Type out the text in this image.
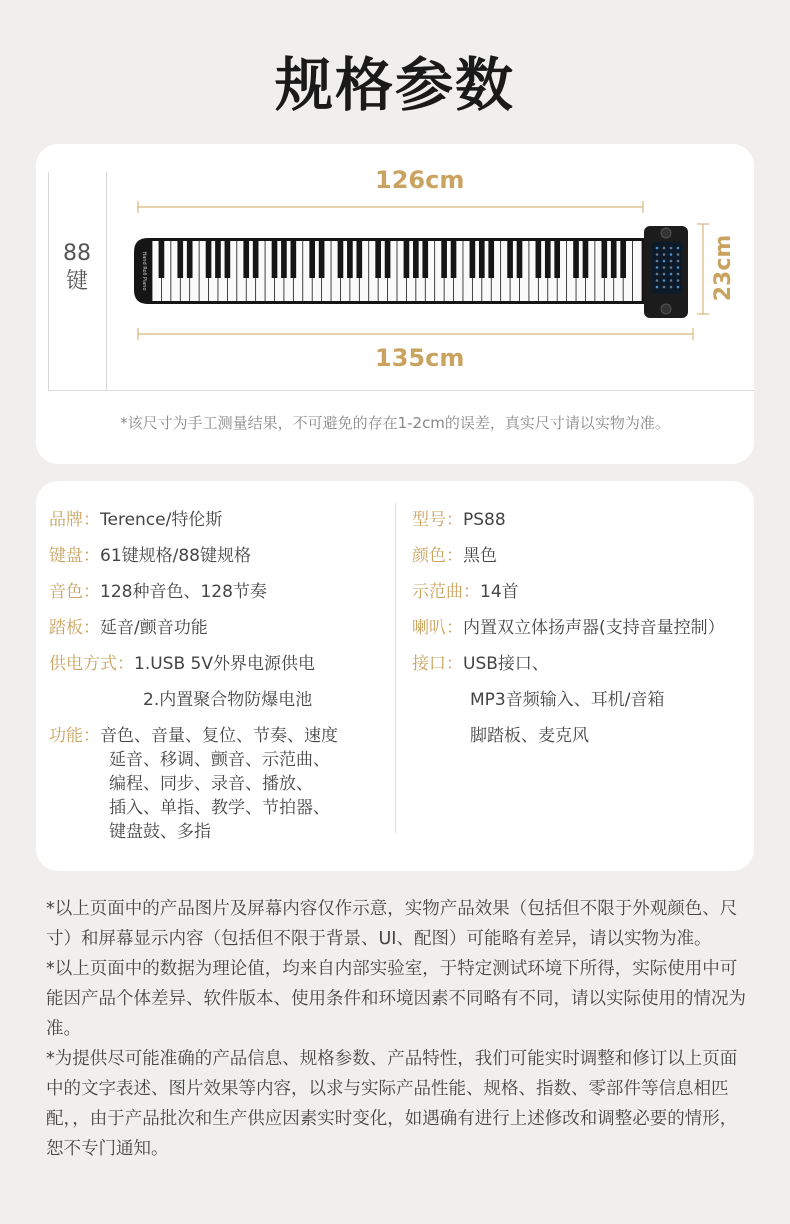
规格参数
88
键
126cm
135cm
23cm
Hand Roll Piano
*该尺寸为手工测量结果，不可避免的存在1-2cm的误差，真实尺寸请以实物为准。
品牌：Terence/特伦斯
键盘：61键规格/88键规格
音色：128种音色、128节奏
踏板：延音/颤音功能
供电方式：1.USB 5V外界电源供电
2.内置聚合物防爆电池
功能：音色、音量、复位、节奏、速度
延音、移调、颤音、示范曲、
编程、同步、录音、播放、
插入、单指、教学、节拍器、
键盘鼓、多指
型号：PS88
颜色：黑色
示范曲：14首
喇叭：内置双立体扬声器(支持音量控制）
接口：USB接口、
MP3音频输入、耳机/音箱
脚踏板、麦克风

*以上页面中的产品图片及屏幕内容仅作示意，实物产品效果（包括但不限于外观颜色、尺寸）和屏幕显示内容（包括但不限于背景、UI、配图）可能略有差异，请以实物为准。

*以上页面中的数据为理论值，均来自内部实验室，于特定测试环境下所得，实际使用中可能因产品个体差异、软件版本、使用条件和环境因素不同略有不同，请以实际使用的情况为准。

*为提供尽可能准确的产品信息、规格参数、产品特性，我们可能实时调整和修订以上页面中的文字表述、图片效果等内容，以求与实际产品性能、规格、指数、零部件等信息相匹配，，由于产品批次和生产供应因素实时变化，如遇确有进行上述修改和调整必要的情形，恕不专门通知。
